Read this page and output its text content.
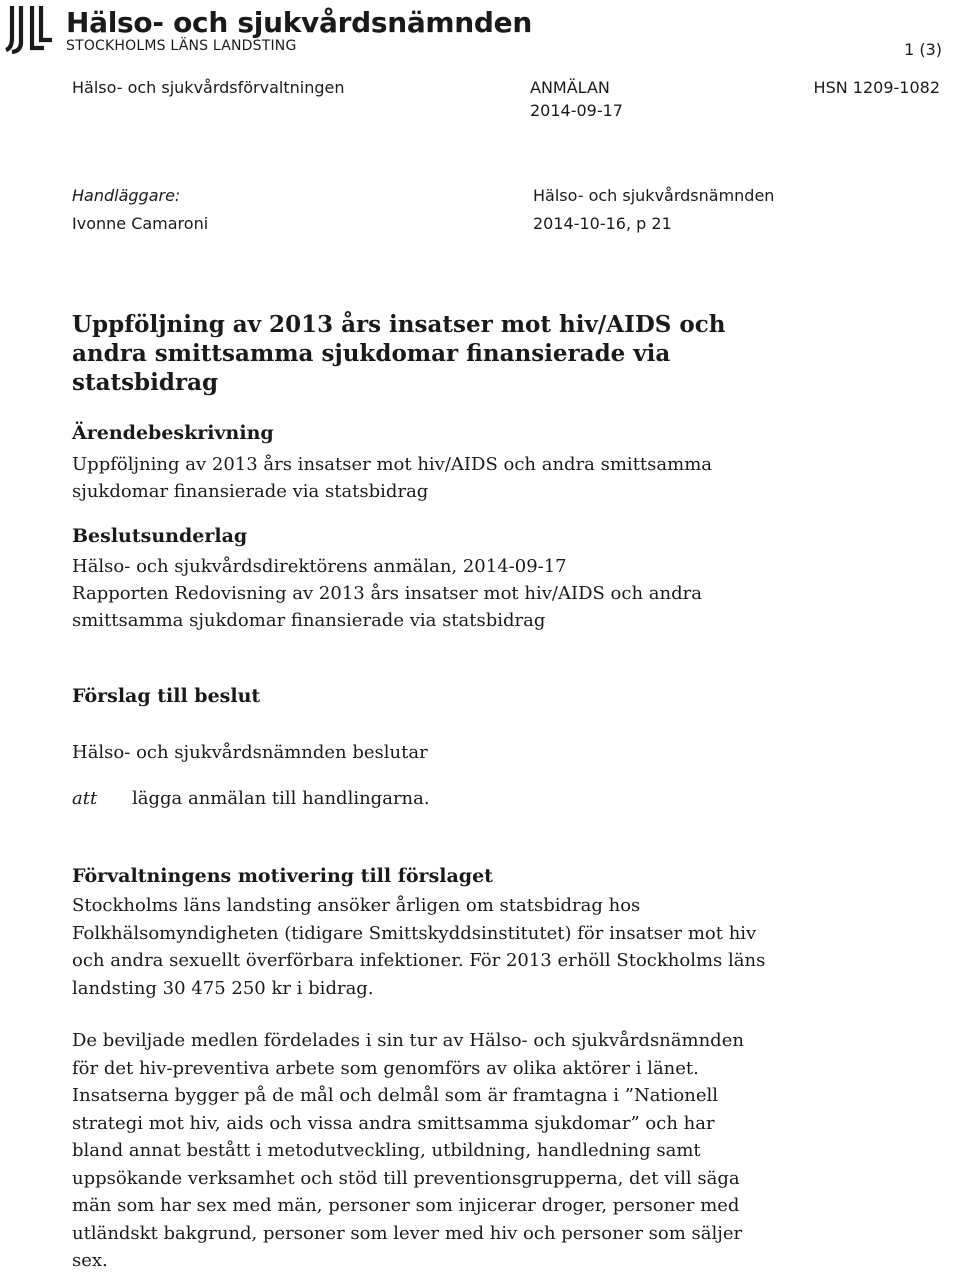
Hälso- och sjukvårdsnämnden
STOCKHOLMS LÄNS LANDSTING	1 (3)
Hälso- och sjukvårdsförvaltningen	ANMÄLAN
2014-09-17
HSN 1209-1082
Handläggare:
Ivonne Camaroni
Hälso- och sjukvårdsnämnden
2014-10-16, p 21
Uppföljning av 2013 års insatser mot hiv/AIDS och
andra smittsamma sjukdomar finansierade via
statsbidrag
Ärendebeskrivning
Uppföljning av 2013 års insatser mot hiv/AIDS och andra smittsamma
sjukdomar finansierade via statsbidrag
Beslutsunderlag
Hälso- och sjukvårdsdirektörens anmälan, 2014-09-17
Rapporten Redovisning av 2013 års insatser mot hiv/AIDS och andra
smittsamma sjukdomar finansierade via statsbidrag
Förslag till beslut
Hälso- och sjukvårdsnämnden beslutar
att lägga anmälan till handlingarna.
Förvaltningens motivering till förslaget
Stockholms läns landsting ansöker årligen om statsbidrag hos
Folkhälsomyndigheten (tidigare Smittskyddsinstitutet) för insatser mot hiv
och andra sexuellt överförbara infektioner. För 2013 erhöll Stockholms läns
landsting 30 475 250 kr i bidrag.
De beviljade medlen fördelades i sin tur av Hälso- och sjukvårdsnämnden
för det hiv-preventiva arbete som genomförs av olika aktörer i länet.
Insatserna bygger på de mål och delmål som är framtagna i ”Nationell
strategi mot hiv, aids och vissa andra smittsamma sjukdomar” och har
bland annat bestått i metodutveckling, utbildning, handledning samt
uppsökande verksamhet och stöd till preventionsgrupperna, det vill säga
män som har sex med män, personer som injicerar droger, personer med
utländskt bakgrund, personer som lever med hiv och personer som säljer
sex.
